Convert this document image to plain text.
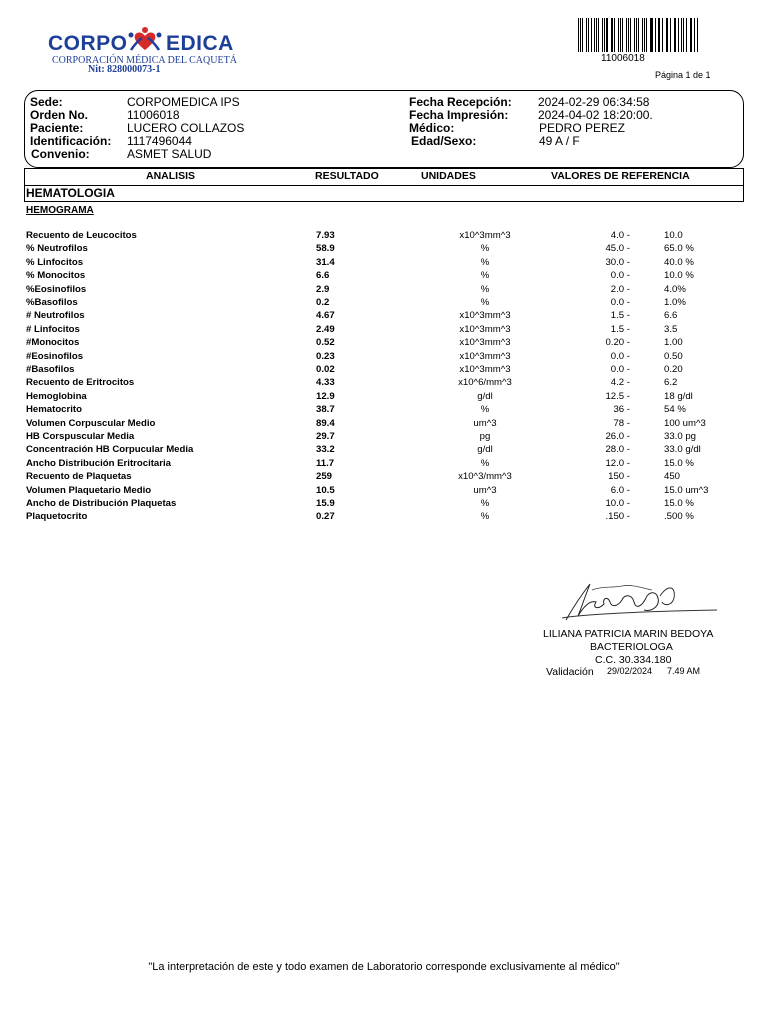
CORPO EDICA
CORPORACIÓN MÉDICA DEL CAQUETÁ
Nit: 828000073-1
11006018
Página 1 de 1
Sede:	CORPOMEDICA IPS
Orden No.	11006018
Paciente:	LUCERO COLLAZOS
Identificación: 1117496044
Convenio:	ASMET SALUD
Fecha Recepción: 2024-02-29 06:34:58
Fecha Impresión: 2024-04-02 18:20:00.
Médico:	PEDRO PEREZ
Edad/Sexo:	49 A / F
ANALISIS	RESULTADO	UNIDADES	VALORES DE REFERENCIA
HEMATOLOGIA
HEMOGRAMA
Recuento de Leucocitos	7.93	x10^3mm^3	4.0 -	10.0
% Neutrofilos	58.9	%	45.0 -	65.0 %
% Linfocitos	31.4	%	30.0 -	40.0 %
% Monocitos	6.6	%	0.0 -	10.0 %
%Eosinofilos	2.9	%	2.0 -	4.0%
%Basofilos	0.2	%	0.0 -	1.0%
# Neutrofilos	4.67	x10^3mm^3	1.5 -	6.6
# Linfocitos	2.49	x10^3mm^3	1.5 -	3.5
#Monocitos	0.52	x10^3mm^3	0.20 -	1.00
#Eosinofilos	0.23	x10^3mm^3	0.0 -	0.50
#Basofilos	0.02	x10^3mm^3	0.0 -	0.20
Recuento de Eritrocitos	4.33	x10^6/mm^3	4.2 -	6.2
Hemoglobina	12.9	g/dl	12.5 -	18 g/dl
Hematocrito	38.7	%	36 -	54 %
Volumen Corpuscular Medio	89.4	um^3	78 -	100 um^3
HB Corspuscular Media	29.7	pg	26.0 -	33.0 pg
Concentración HB Corpucular Media	33.2	g/dl	28.0 -	33.0 g/dl
Ancho Distribución Eritrocitaria	11.7	%	12.0 -	15.0 %
Recuento de Plaquetas	259	x10^3/mm^3	150 -	450
Volumen Plaquetario Medio	10.5	um^3	6.0 -	15.0 um^3
Ancho de Distribución Plaquetas	15.9	%	10.0 -	15.0 %
Plaquetocrito	0.27	%	.150 -	.500 %
LILIANA PATRICIA MARIN BEDOYA
BACTERIOLOGA
C.C. 30.334.180
Validación 29/02/2024 7.49 AM
"La interpretación de este y todo examen de Laboratorio corresponde exclusivamente al médico"
